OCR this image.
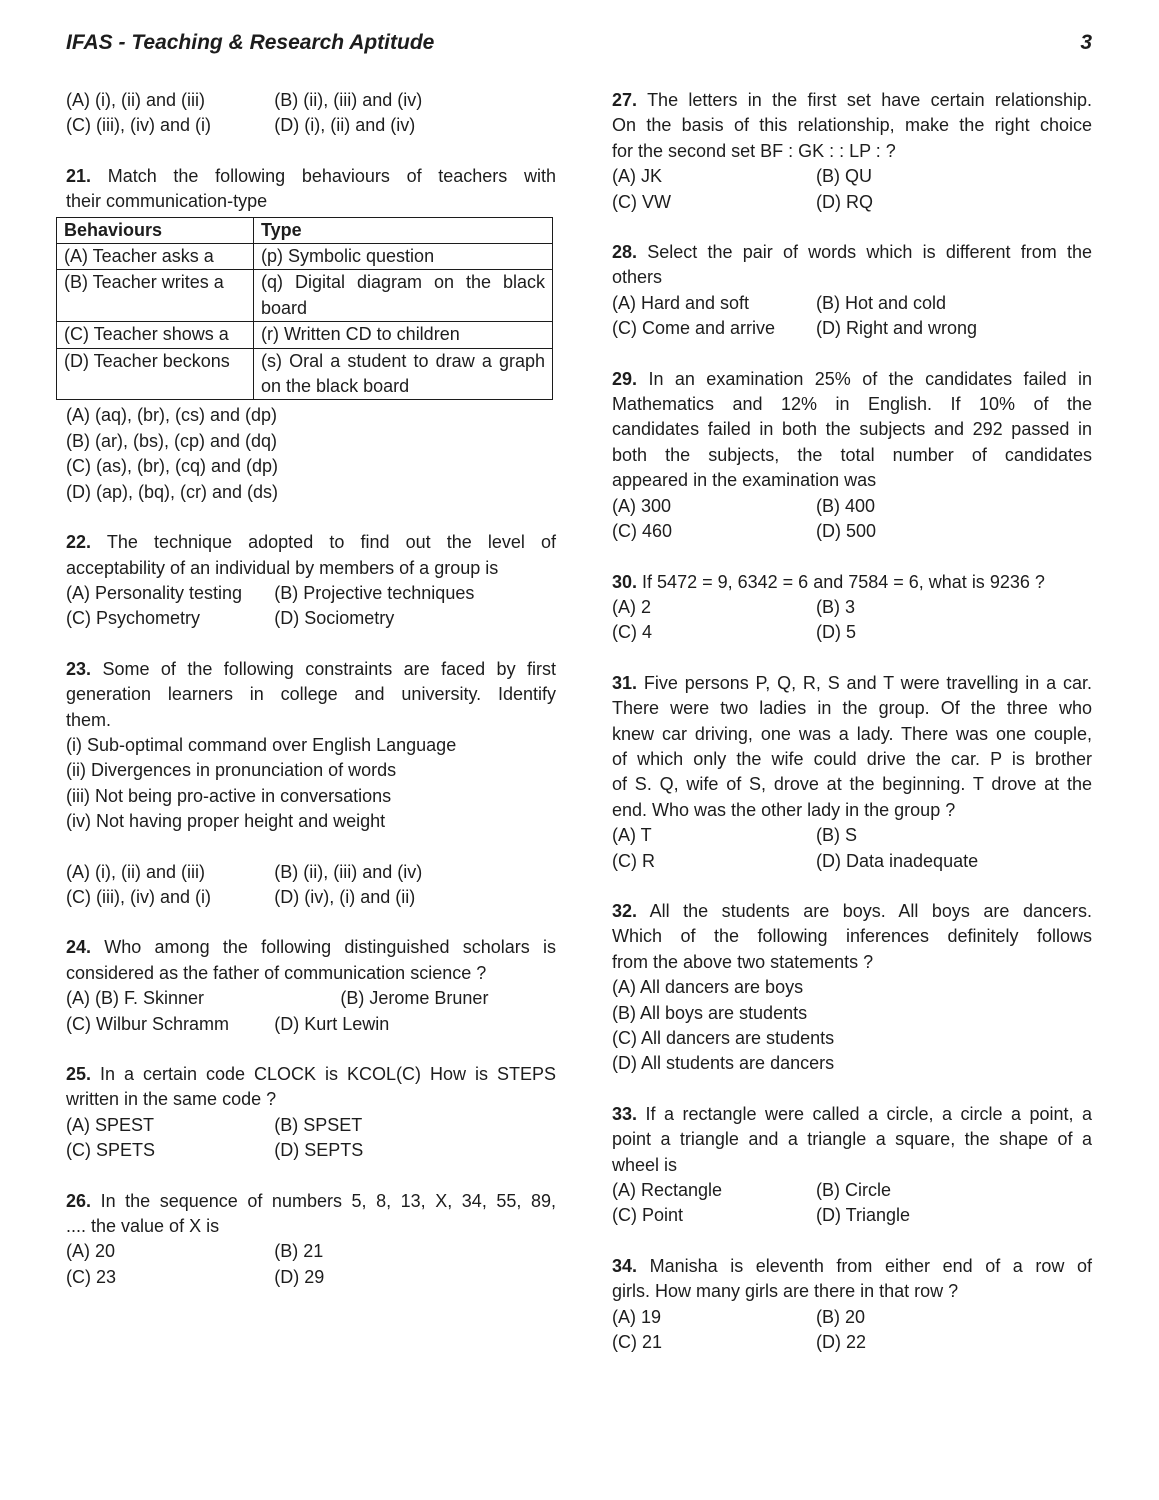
IFAS - Teaching & Research Aptitude	3
(A) (i), (ii) and (iii)	(B) (ii), (iii) and (iv)
(C) (iii), (iv) and (i)	(D) (i), (ii) and (iv)
21. Match the following behaviours of teachers with
their communication-type
Behaviours	Type
(A) Teacher asks a	(p) Symbolic question
(B) Teacher writes a	(q) Digital diagram on the black board
(C) Teacher shows a	(r) Written CD to children
(D) Teacher beckons	(s) Oral a student to draw a graph on the black board
(A) (aq), (br), (cs) and (dp)
(B) (ar), (bs), (cp) and (dq)
(C) (as), (br), (cq) and (dp)
(D) (ap), (bq), (cr) and (ds)
22. The technique adopted to find out the level of
acceptability of an individual by members of a group is
(A) Personality testing	(B) Projective techniques
(C) Psychometry	(D) Sociometry
23. Some of the following constraints are faced by first
generation learners in college and university. Identify
them.
(i) Sub-optimal command over English Language
(ii) Divergences in pronunciation of words
(iii) Not being pro-active in conversations
(iv) Not having proper height and weight
(A) (i), (ii) and (iii)	(B) (ii), (iii) and (iv)
(C) (iii), (iv) and (i)	(D) (iv), (i) and (ii)
24. Who among the following distinguished scholars is
considered as the father of communication science ?
(A) (B) F. Skinner	(B) Jerome Bruner
(C) Wilbur Schramm	(D) Kurt Lewin
25. In a certain code CLOCK is KCOL(C) How is STEPS
written in the same code ?
(A) SPEST	(B) SPSET
(C) SPETS	(D) SEPTS
26. In the sequence of numbers 5, 8, 13, X, 34, 55, 89,
.... the value of X is
(A) 20	(B) 21
(C) 23	(D) 29
27. The letters in the first set have certain relationship.
On the basis of this relationship, make the right choice
for the second set BF : GK : : LP : ?
(A) JK	(B) QU
(C) VW	(D) RQ
28. Select the pair of words which is different from the
others
(A) Hard and soft	(B) Hot and cold
(C) Come and arrive	(D) Right and wrong
29. In an examination 25% of the candidates failed in
Mathematics and 12% in English. If 10% of the
candidates failed in both the subjects and 292 passed in
both the subjects, the total number of candidates
appeared in the examination was
(A) 300	(B) 400
(C) 460	(D) 500
30. If 5472 = 9, 6342 = 6 and 7584 = 6, what is 9236 ?
(A) 2	(B) 3
(C) 4	(D) 5
31. Five persons P, Q, R, S and T were travelling in a car.
There were two ladies in the group. Of the three who
knew car driving, one was a lady. There was one couple,
of which only the wife could drive the car. P is brother
of S. Q, wife of S, drove at the beginning. T drove at the
end. Who was the other lady in the group ?
(A) T	(B) S
(C) R	(D) Data inadequate
32. All the students are boys. All boys are dancers.
Which of the following inferences definitely follows
from the above two statements ?
(A) All dancers are boys
(B) All boys are students
(C) All dancers are students
(D) All students are dancers
33. If a rectangle were called a circle, a circle a point, a
point a triangle and a triangle a square, the shape of a
wheel is
(A) Rectangle	(B) Circle
(C) Point	(D) Triangle
34. Manisha is eleventh from either end of a row of
girls. How many girls are there in that row ?
(A) 19	(B) 20
(C) 21	(D) 22
